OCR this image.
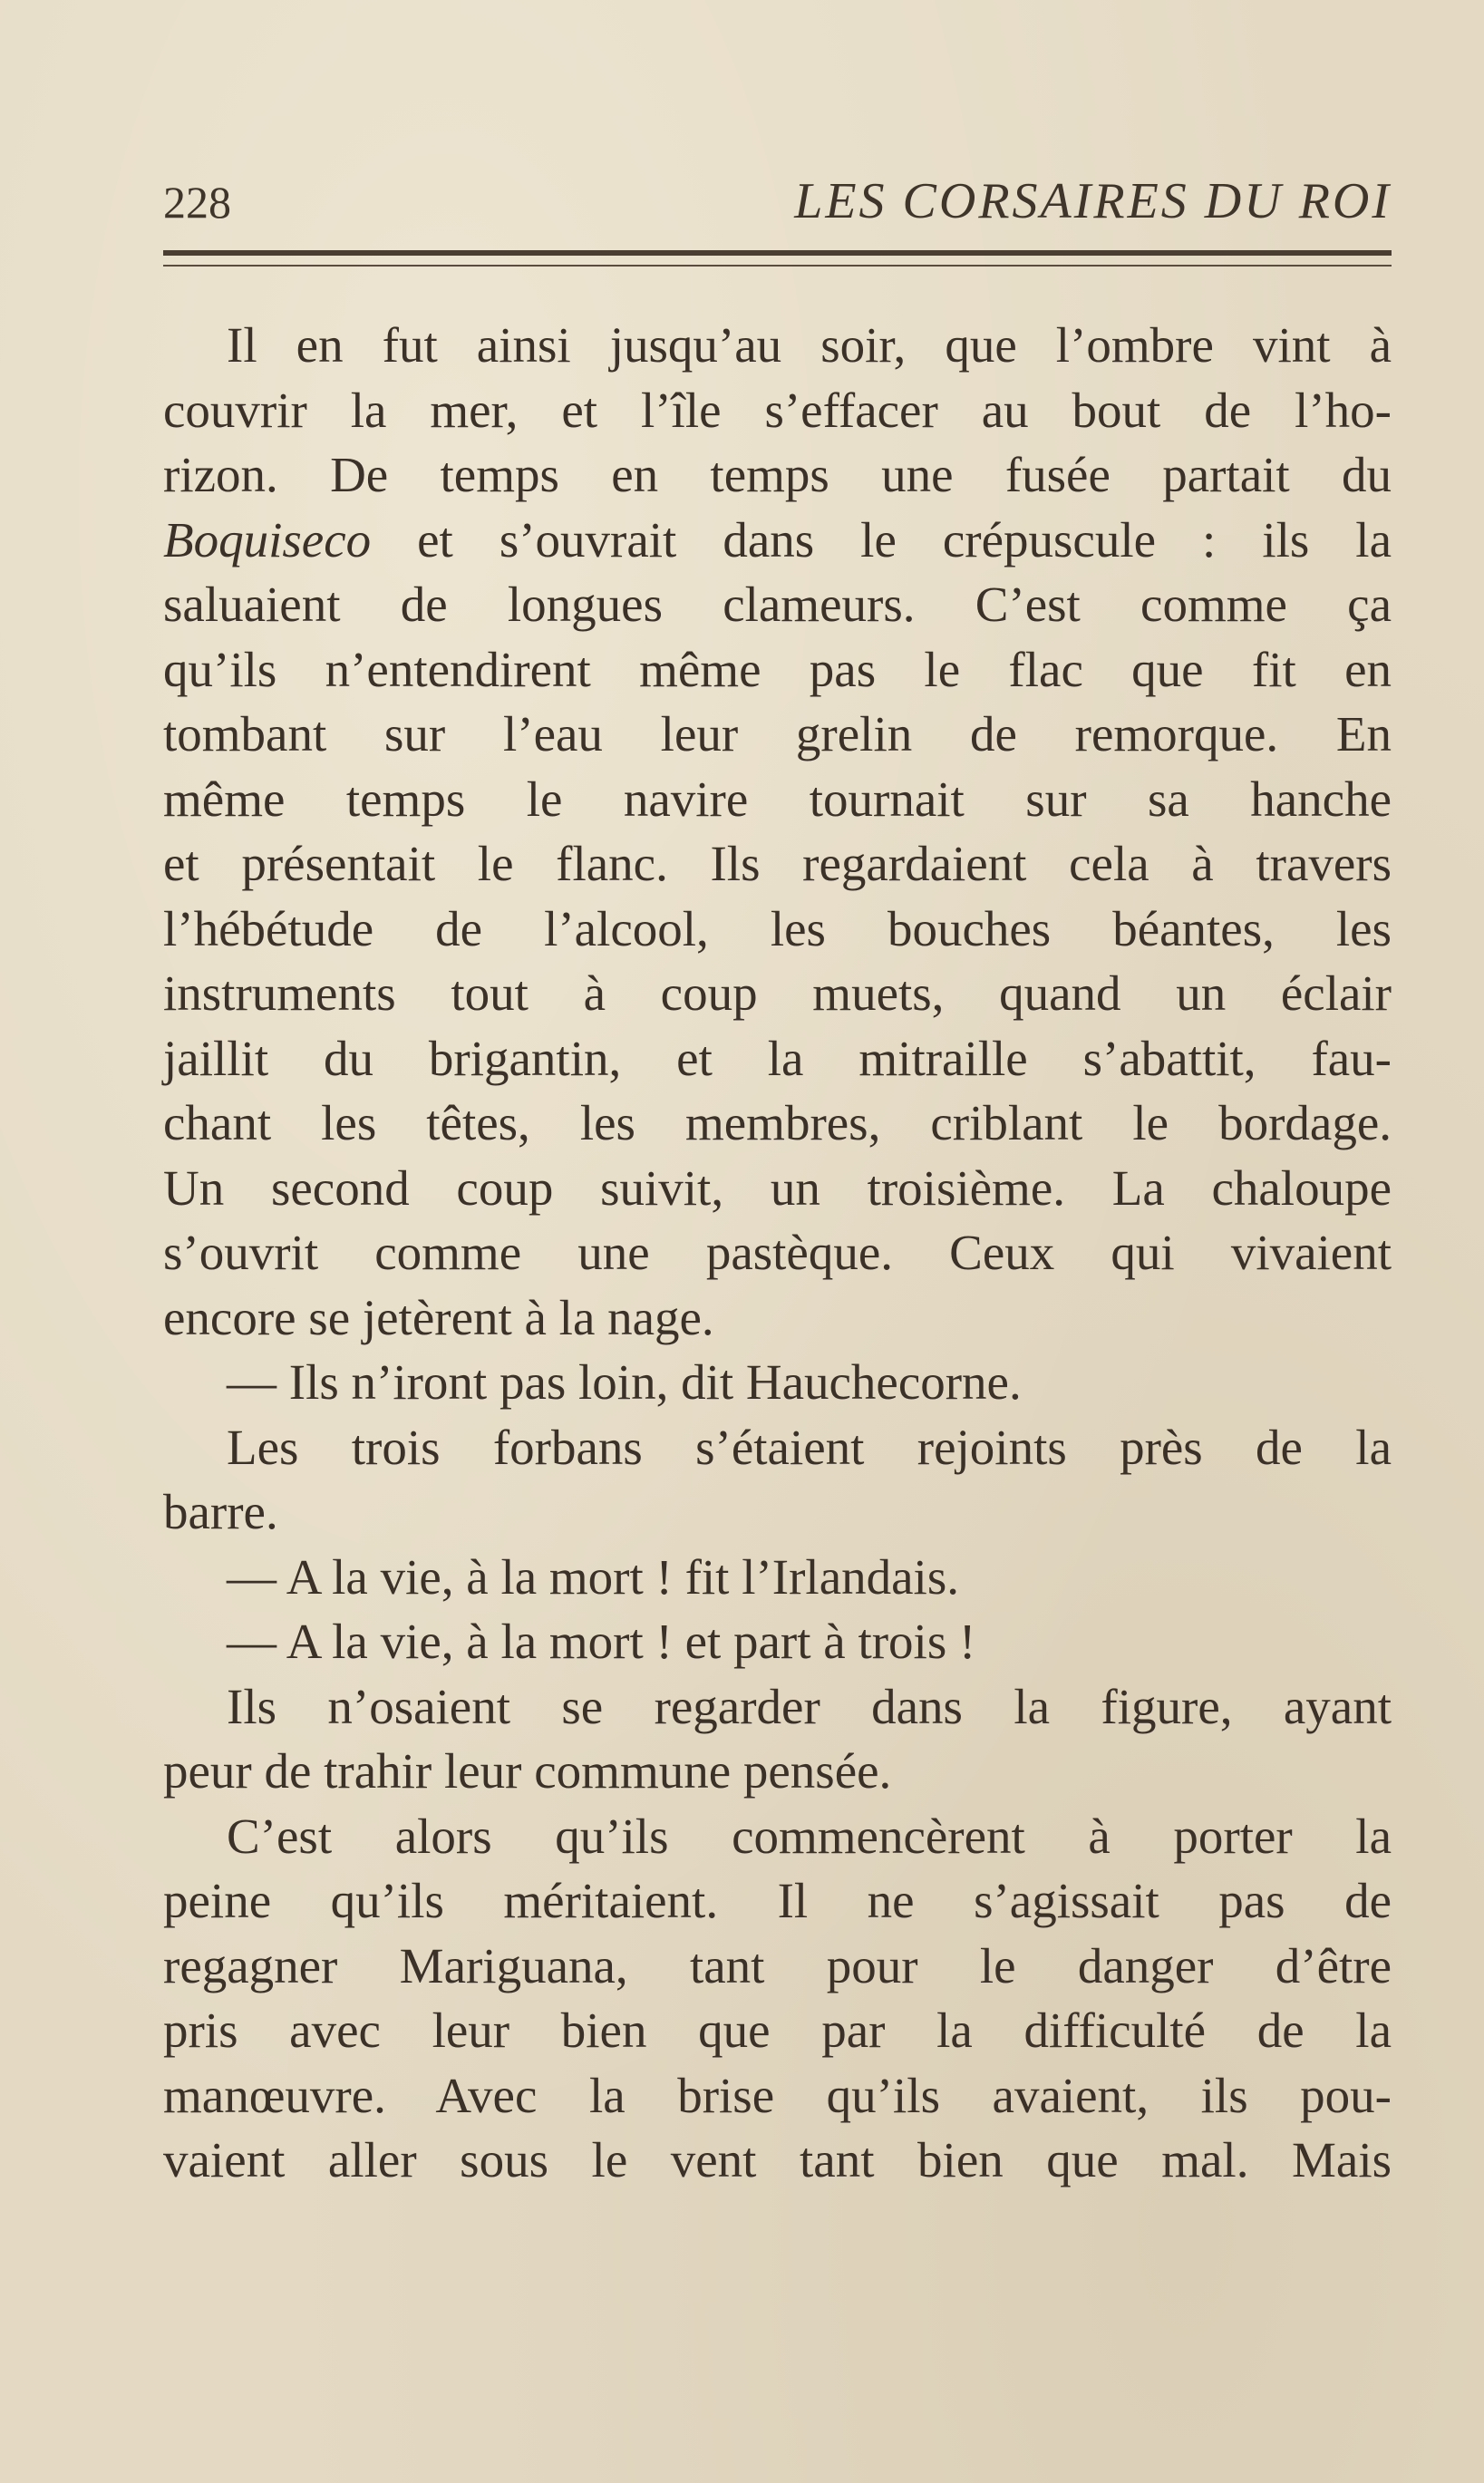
228	LES CORSAIRES DU ROI
Il en fut ainsi jusqu’au soir, que l’ombre vint à
couvrir la mer, et l’île s’effacer au bout de l’ho-
rizon. De temps en temps une fusée partait du
Boquiseco et s’ouvrait dans le crépuscule : ils la
saluaient de longues clameurs. C’est comme ça
qu’ils n’entendirent même pas le flac que fit en
tombant sur l’eau leur grelin de remorque. En
même temps le navire tournait sur sa hanche
et présentait le flanc. Ils regardaient cela à travers
l’hébétude de l’alcool, les bouches béantes, les
instruments tout à coup muets, quand un éclair
jaillit du brigantin, et la mitraille s’abattit, fau-
chant les têtes, les membres, criblant le bordage.
Un second coup suivit, un troisième. La chaloupe
s’ouvrit comme une pastèque. Ceux qui vivaient
encore se jetèrent à la nage.
— Ils n’iront pas loin, dit Hauchecorne.
Les trois forbans s’étaient rejoints près de la
barre.
— A la vie, à la mort ! fit l’Irlandais.
— A la vie, à la mort ! et part à trois !
Ils n’osaient se regarder dans la figure, ayant
peur de trahir leur commune pensée.
C’est alors qu’ils commencèrent à porter la
peine qu’ils méritaient. Il ne s’agissait pas de
regagner Mariguana, tant pour le danger d’être
pris avec leur bien que par la difficulté de la
manœuvre. Avec la brise qu’ils avaient, ils pou-
vaient aller sous le vent tant bien que mal. Mais
